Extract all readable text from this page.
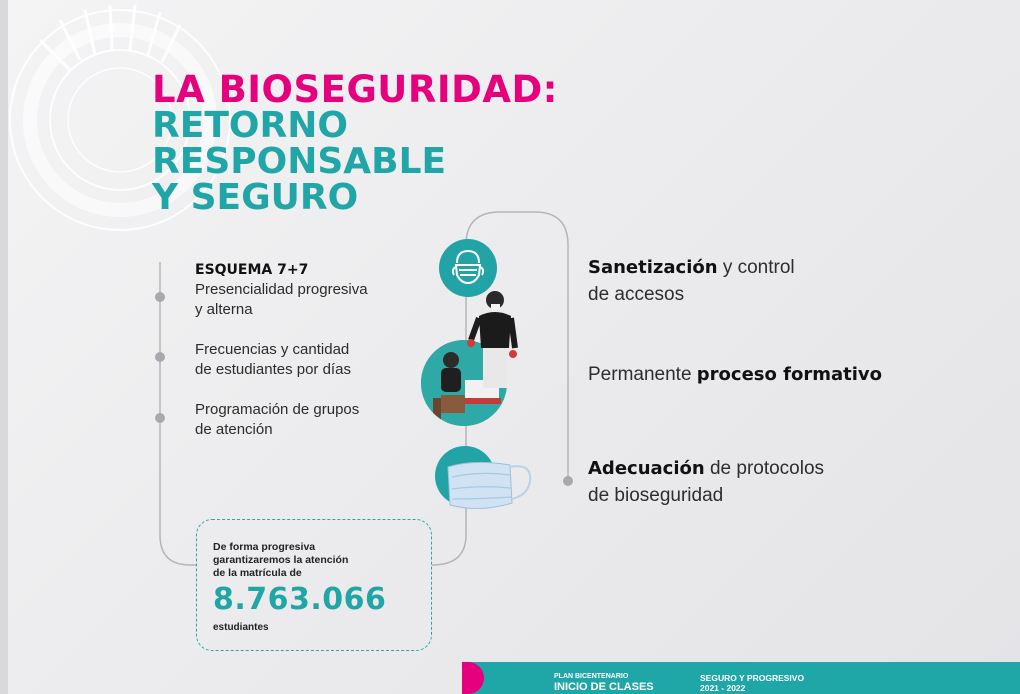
LA BIOSEGURIDAD:
RETORNO
RESPONSABLE
Y SEGURO
ESQUEMA 7+7
Presencialidad progresiva
y alterna
Frecuencias y cantidad
de estudiantes por días
Programación de grupos
de atención
Sanetización y control
de accesos
Permanente proceso formativo
Adecuación de protocolos
de bioseguridad
De forma progresiva
garantizaremos la atención
de la matrícula de
8.763.066
estudiantes
PLAN BICENTENARIO
INICIO DE CLASES
SEGURO Y PROGRESIVO
2021 - 2022
